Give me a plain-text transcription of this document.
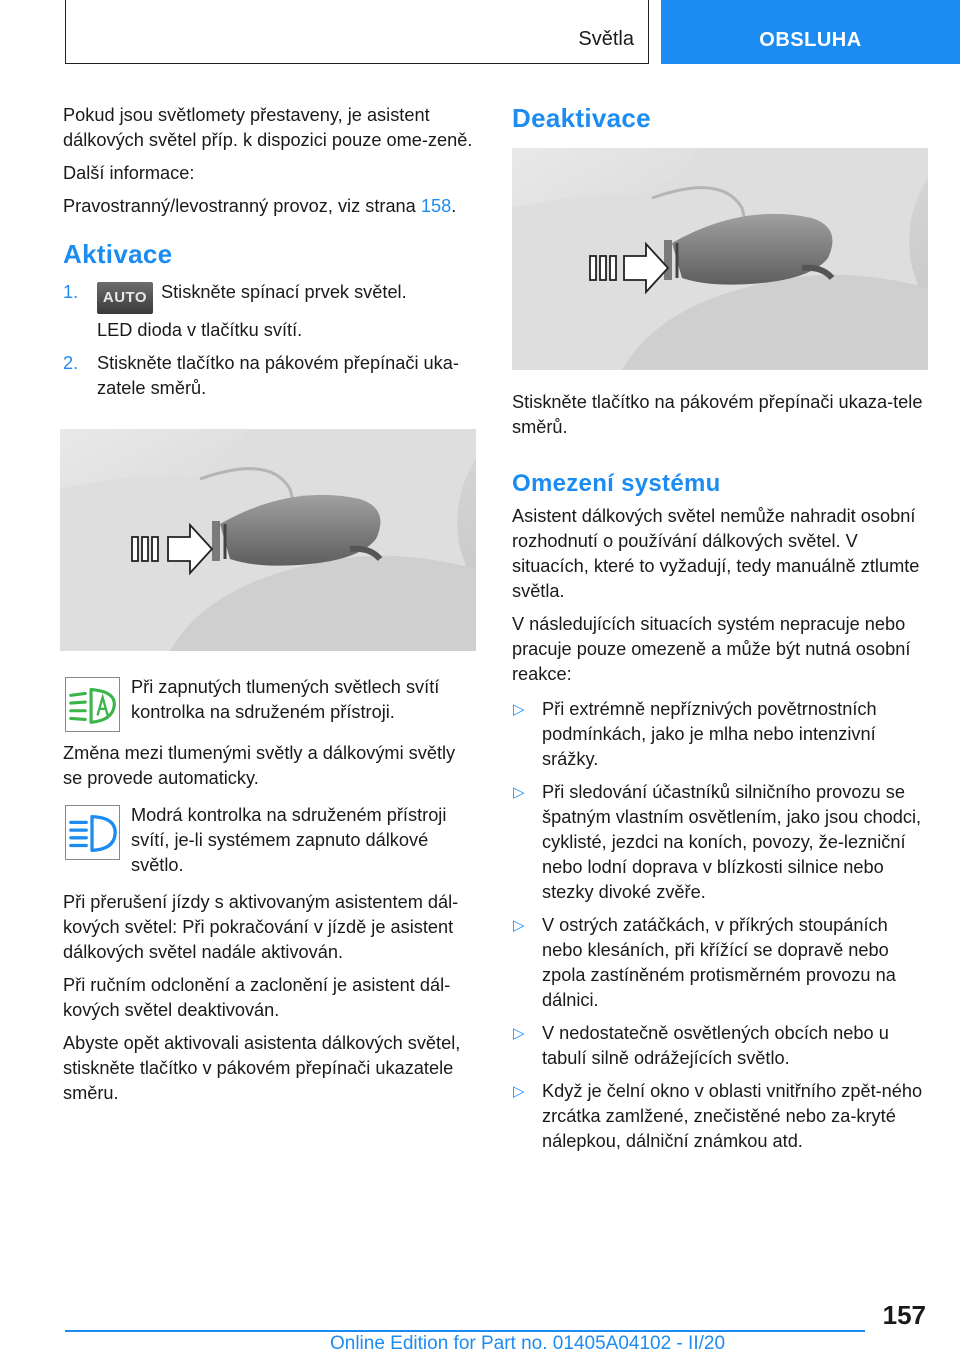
Světla	OBSLUHA

Pokud jsou světlomety přestaveny, je asistent dálkových světel příp. k dispozici pouze ome-zeně.

Další informace:

Pravostranný/levostranný provoz, viz strana 158.

Aktivace
1. AUTO Stiskněte spínací prvek světel.
LED dioda v tlačítku svítí.
2. Stiskněte tlačítko na pákovém přepínači uka-zatele směrů.

Při zapnutých tlumených světlech svítí kontrolka na sdruženém přístroji.

Změna mezi tlumenými světly a dálkovými světly se provede automaticky.

Modrá kontrolka na sdruženém přístroji svítí, je-li systémem zapnuto dálkové světlo.

Při přerušení jízdy s aktivovaným asistentem dál-kových světel: Při pokračování v jízdě je asistent dálkových světel nadále aktivován.

Při ručním odclonění a zaclonění je asistent dál-kových světel deaktivován.

Abyste opět aktivovali asistenta dálkových světel, stiskněte tlačítko v pákovém přepínači ukazatele směru.

Deaktivace

Stiskněte tlačítko na pákovém přepínači ukaza-tele směrů.

Omezení systému

Asistent dálkových světel nemůže nahradit osobní rozhodnutí o používání dálkových světel. V situacích, které to vyžadují, tedy manuálně ztlumte světla.

V následujících situacích systém nepracuje nebo pracuje pouze omezeně a může být nutná osobní reakce:

▷ Při extrémně nepříznivých povětrnostních podmínkách, jako je mlha nebo intenzivní srážky.
▷ Při sledování účastníků silničního provozu se špatným vlastním osvětlením, jako jsou chodci, cyklisté, jezdci na koních, povozy, že-lezniční nebo lodní doprava v blízkosti silnice nebo stezky divoké zvěře.
▷ V ostrých zatáčkách, v příkrých stoupáních nebo klesáních, při křížící se dopravě nebo zpola zastíněném protisměrném provozu na dálnici.
▷ V nedostatečně osvětlených obcích nebo u tabulí silně odrážejících světlo.
▷ Když je čelní okno v oblasti vnitřního zpět-ného zrcátka zamlžené, znečistěné nebo za-kryté nálepkou, dálniční známkou atd.
157
Online Edition for Part no. 01405A04102 - II/20
